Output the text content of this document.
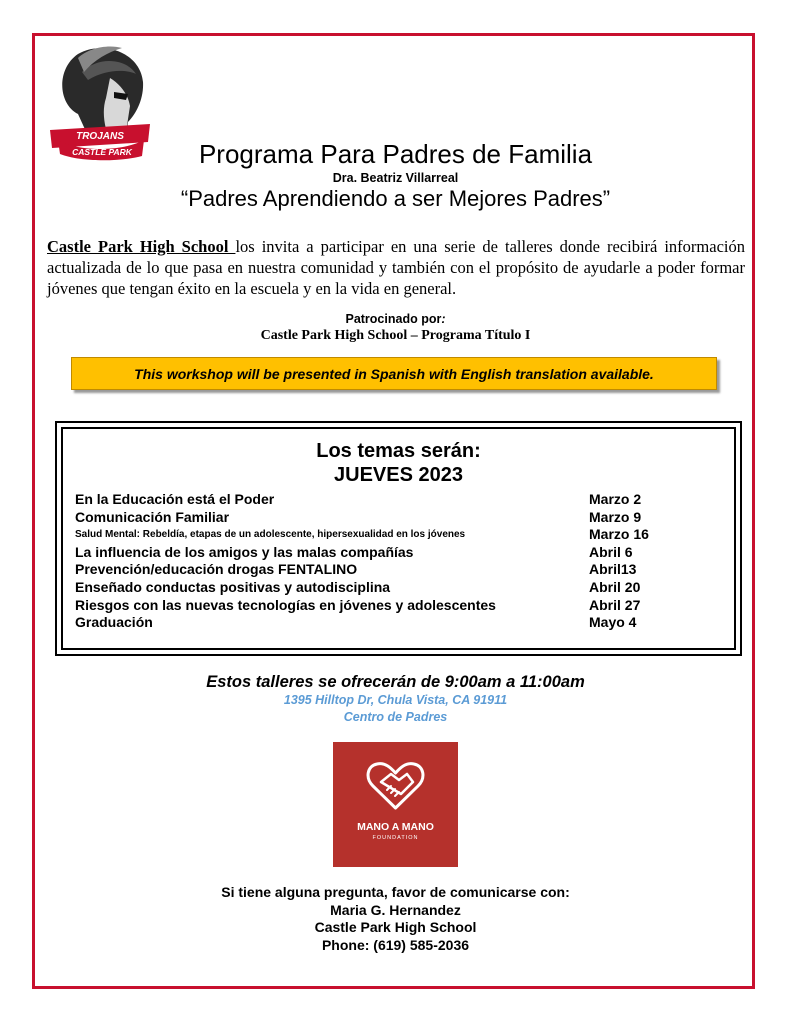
TROJANS
CASTLE PARK	Programa Para Padres de Familia
Dra. Beatriz Villarreal
“Padres Aprendiendo a ser Mejores Padres”
Castle Park High School los invita a participar en una serie de talleres donde recibirá información actualizada de lo que pasa en nuestra comunidad y también con el propósito de ayudarle a poder formar jóvenes que tengan éxito en la escuela y en la vida en general.
Patrocinado por:
Castle Park High School – Programa Título I
This workshop will be presented in Spanish with English translation available.
Los temas serán:
JUEVES 2023
En la Educación está el Poder	Marzo 2
Comunicación Familiar	Marzo 9
Salud Mental: Rebeldía, etapas de un adolescente, hipersexualidad en los jóvenes	Marzo 16
La influencia de los amigos y las malas compañías	Abril 6
Prevención/educación drogas FENTALINO	Abril13
Enseñado conductas positivas y autodisciplina	Abril 20
Riesgos con las nuevas tecnologías en jóvenes y adolescentes	Abril 27
Graduación	Mayo 4
Estos talleres se ofrecerán de 9:00am a 11:00am
1395 Hilltop Dr, Chula Vista, CA 91911
Centro de Padres
MANO A MANO
FOUNDATION
Si tiene alguna pregunta, favor de comunicarse con:
Maria G. Hernandez
Castle Park High School
Phone: (619) 585-2036
